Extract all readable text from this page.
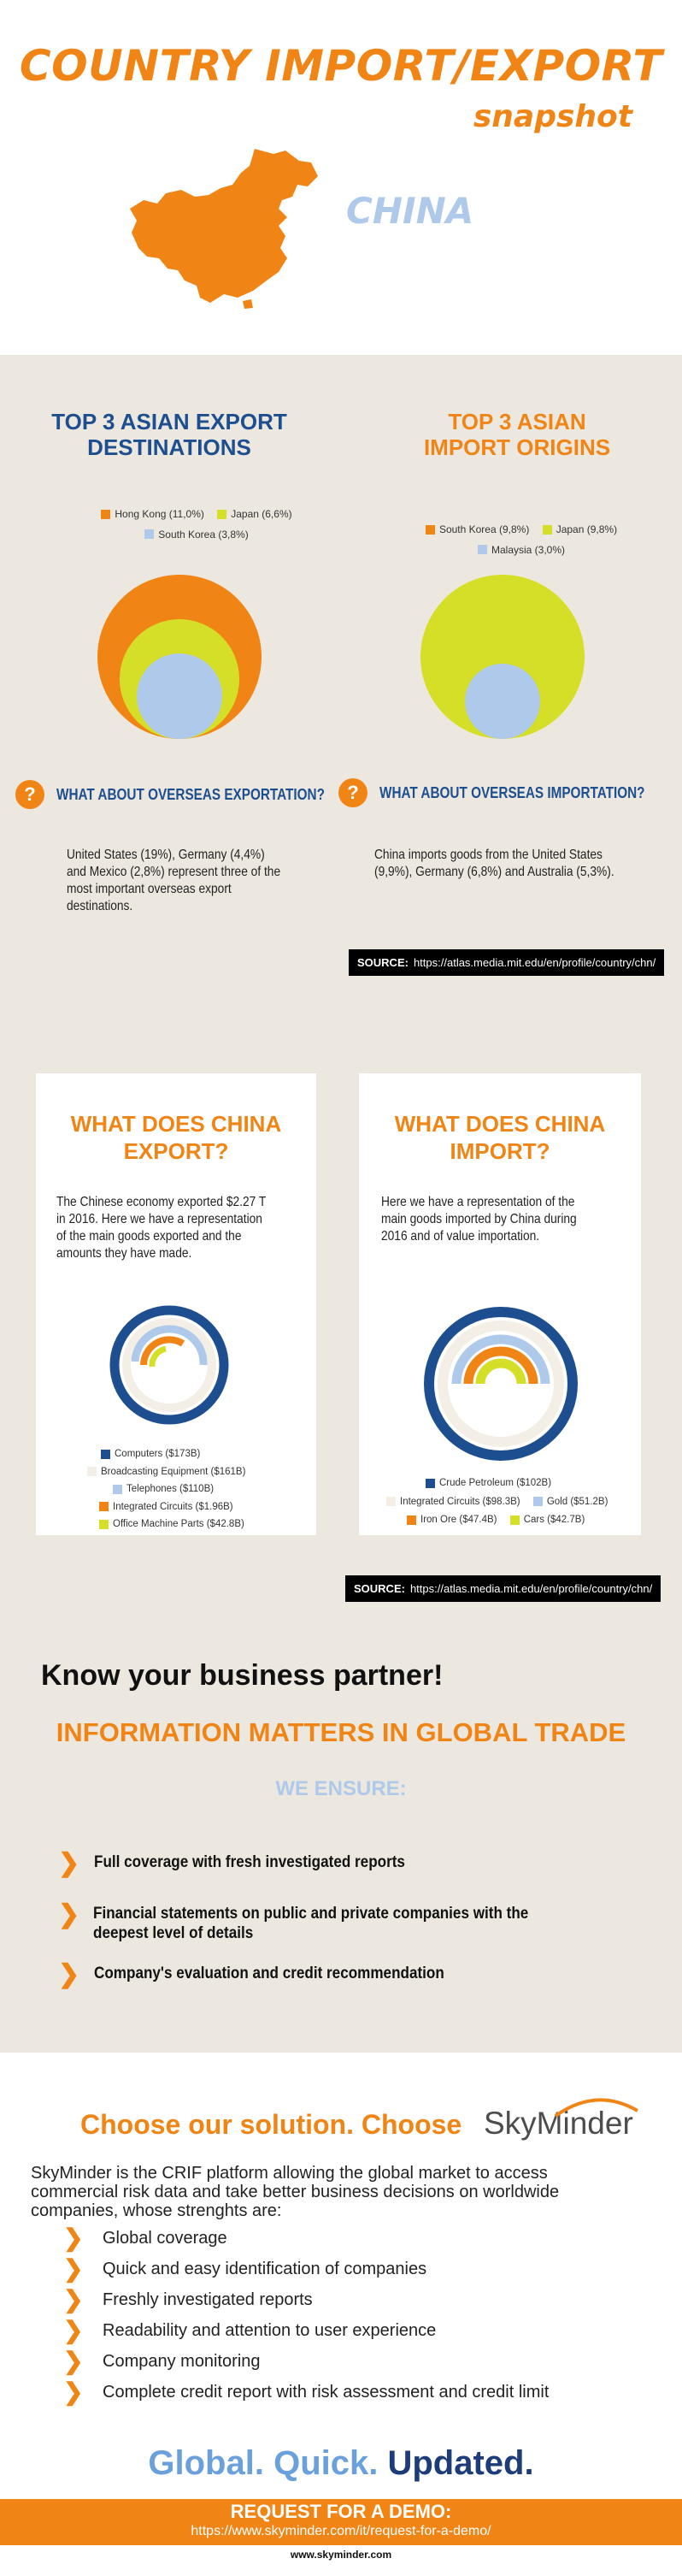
COUNTRY IMPORT/EXPORT
snapshot
CHINA
TOP 3 ASIAN EXPORT
DESTINATIONS
Hong Kong (11,0%)
	Japan (6,6%)
South Korea (3,8%)
?	WHAT ABOUT OVERSEAS EXPORTATION?
United States (19%), Germany (4,4%) and Mexico (2,8%) represent three of the most important overseas export destinations.
TOP 3 ASIAN
IMPORT ORIGINS
South Korea (9,8%)
	Japan (9,8%)
Malaysia (3,0%)
?	WHAT ABOUT OVERSEAS IMPORTATION?
China imports goods from the United States (9,9%), Germany (6,8%) and Australia (5,3%).
SOURCE: https://atlas.media.mit.edu/en/profile/country/chn/
WHAT DOES CHINA
EXPORT?
The Chinese economy exported $2.27 T in 2016. Here we have a representation of the main goods exported and the amounts they have made.
Computers ($173B)
Broadcasting Equipment ($161B)
Telephones ($110B)
Integrated Circuits ($1.96B)
Office Machine Parts ($42.8B)
WHAT DOES CHINA
IMPORT?
Here we have a representation of the main goods imported by China during 2016 and of value importation.
Crude Petroleum ($102B)
Integrated Circuits ($98.3B)
	Gold ($51.2B)
Iron Ore ($47.4B)
	Cars ($42.7B)
SOURCE: https://atlas.media.mit.edu/en/profile/country/chn/
Know your business partner!
INFORMATION MATTERS IN GLOBAL TRADE
WE ENSURE:
❯ Full coverage with fresh investigated reports
❯ Financial statements on public and private companies with the deepest level of details
❯ Company's evaluation and credit recommendation
Choose our solution. Choose SkyMinder
SkyMinder is the CRIF platform allowing the global market to access commercial risk data and take better business decisions on worldwide companies, whose strenghts are:
❯	Global coverage
❯	Quick and easy identification of companies
❯	Freshly investigated reports
❯	Readability and attention to user experience
❯	Company monitoring
❯	Complete credit report with risk assessment and credit limit
Global. Quick. Updated.
REQUEST FOR A DEMO:
https://www.skyminder.com/it/request-for-a-demo/
www.skyminder.com
